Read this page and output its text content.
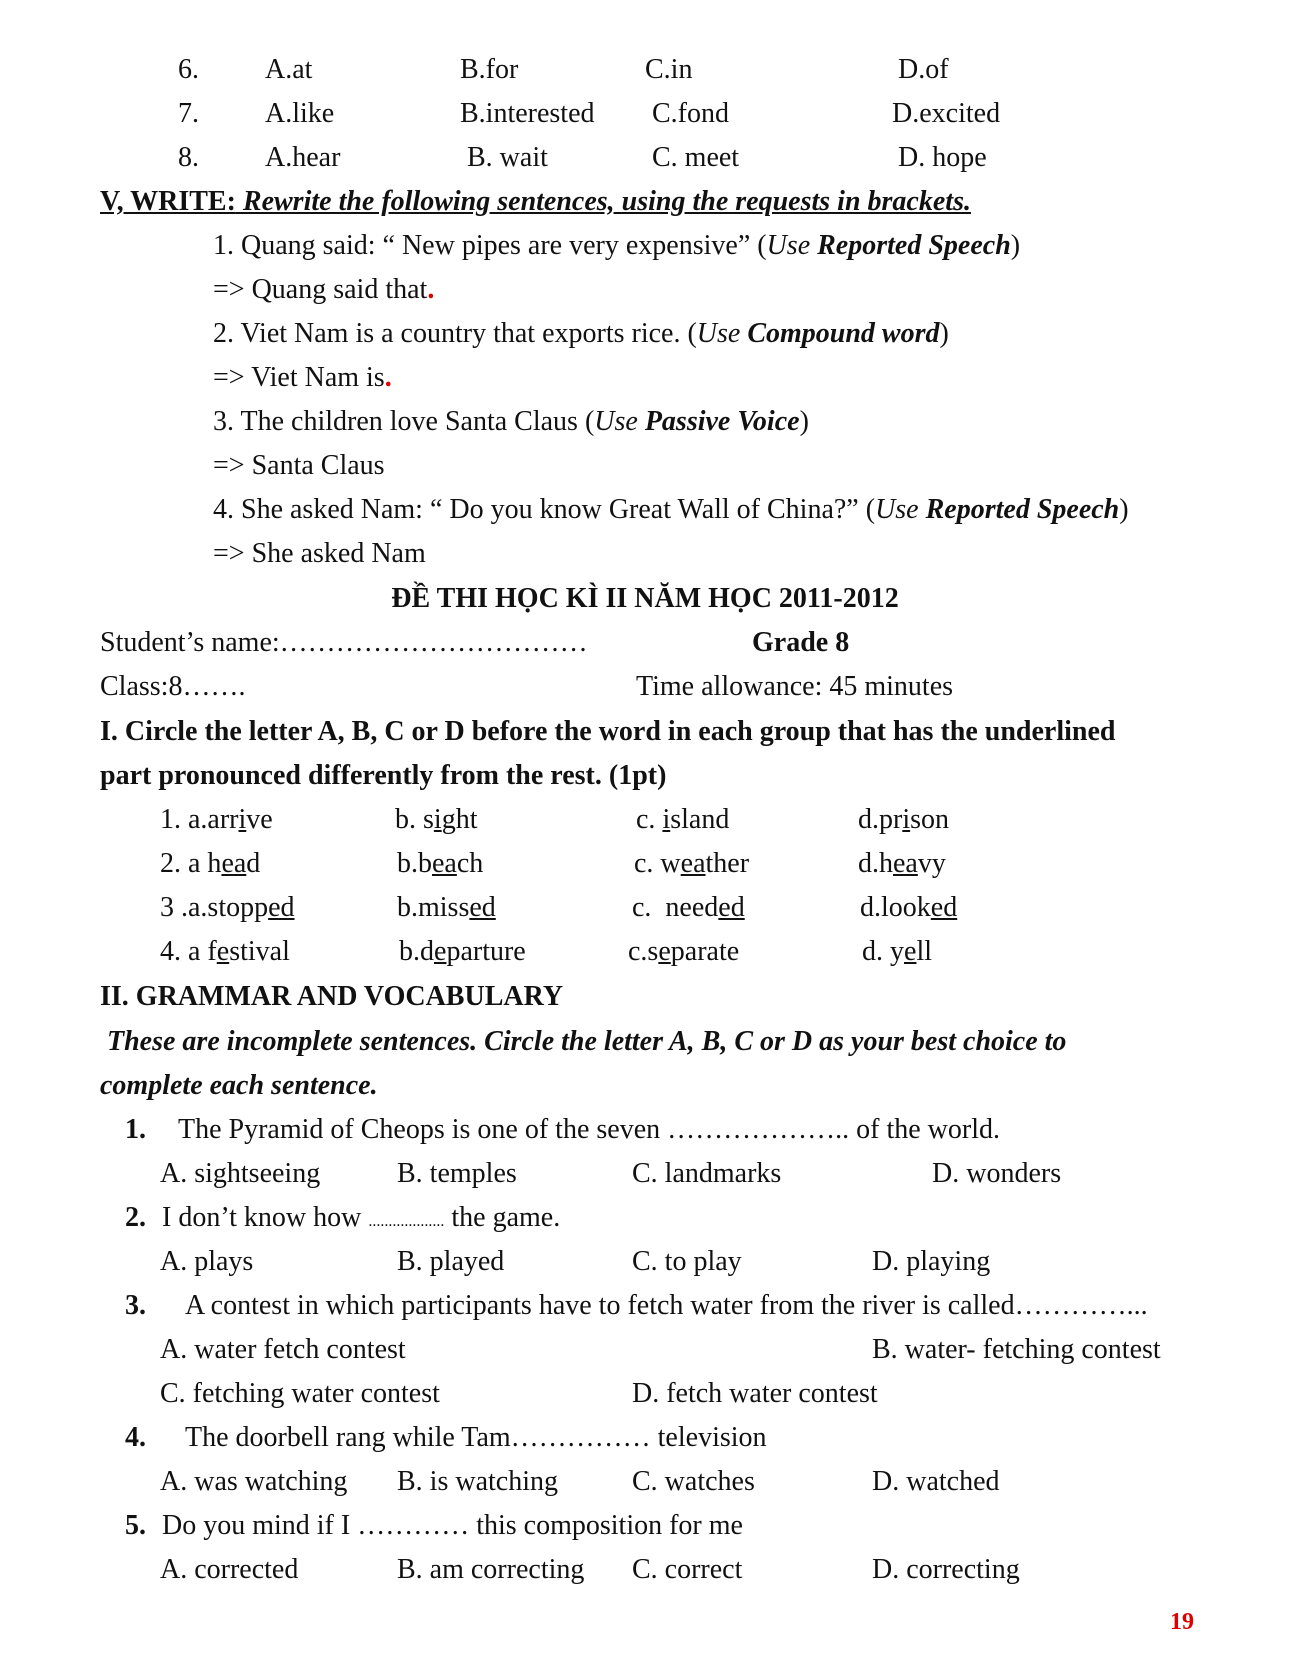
6. A.at	B.for	C.in	D.of
7. A.like	B.interested C.fond	D.excited
8. A.hear	B. wait	C. meet	D. hope
V, WRITE: Rewrite the following sentences, using the requests in brackets.
1. Quang said: “ New pipes are very expensive” (Use Reported Speech)
=> Quang said that.
2. Viet Nam is a country that exports rice. (Use Compound word)
=> Viet Nam is.
3. The children love Santa Claus (Use Passive Voice)
=> Santa Claus
4. She asked Nam: “ Do you know Great Wall of China?” (Use Reported Speech)
=> She asked Nam
ĐỀ THI HỌC KÌ II NĂM HỌC 2011-2012
Student’s name:……………………………	Grade 8
Class:8…….	Time allowance: 45 minutes
I. Circle the letter A, B, C or D before the word in each group that has the underlined
part pronounced differently from the rest. (1pt)
1. a.arrive	b. sight	c. island	d.prison
2. a head	b.beach	c. weather	d.heavy
3 .a.stopped	b.missed	c.  needed	d.looked
4. a festival	b.departure	c.separate	d. yell
II. GRAMMAR AND VOCABULARY
These are incomplete sentences. Circle the letter A, B, C or D as your best choice to
complete each sentence.
1. The Pyramid of Cheops is one of the seven ……………….. of the world.
A. sightseeing	B. temples	C. landmarks	D. wonders
2. I don’t know how ................... the game.
A. plays	B. played	C. to play	D. playing
3. A contest in which participants have to fetch water from the river is called…………...
A. water fetch contest	B. water- fetching contest
C. fetching water contest	D. fetch water contest
4. The doorbell rang while Tam…………… television
A. was watching B. is watching	C. watches	D. watched
5. Do you mind if I ………… this composition for me
A. corrected	B. am correcting C. correct	D. correcting
19
